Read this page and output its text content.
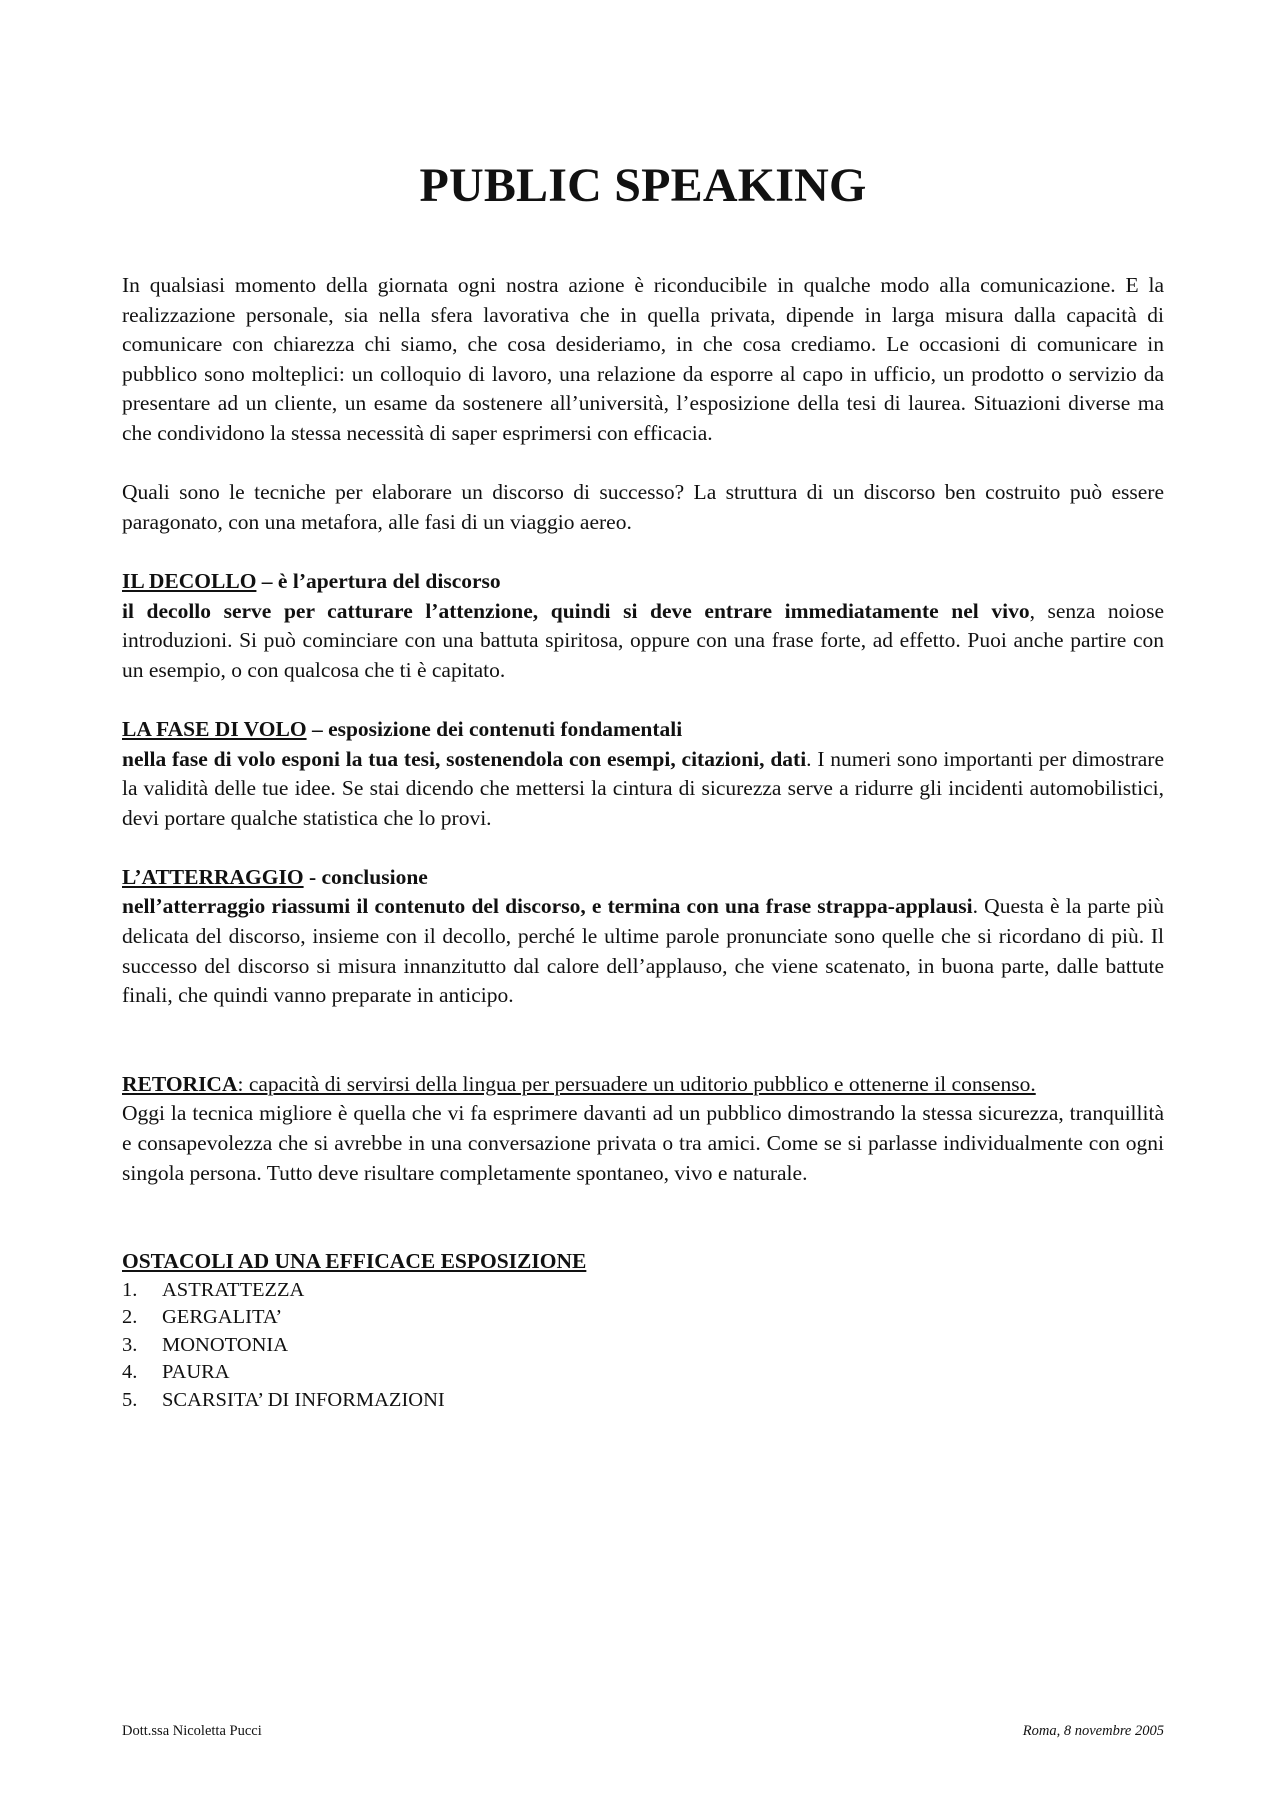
PUBLIC SPEAKING

In qualsiasi momento della giornata ogni nostra azione è riconducibile in qualche modo alla comunicazione. E la realizzazione personale, sia nella sfera lavorativa che in quella privata, dipende in larga misura dalla capacità di comunicare con chiarezza chi siamo, che cosa desideriamo, in che cosa crediamo. Le occasioni di comunicare in pubblico sono molteplici: un colloquio di lavoro, una relazione da esporre al capo in ufficio, un prodotto o servizio da presentare ad un cliente, un esame da sostenere all’università, l’esposizione della tesi di laurea. Situazioni diverse ma che condividono la stessa necessità di saper esprimersi con efficacia.

Quali sono le tecniche per elaborare un discorso di successo? La struttura di un discorso ben costruito può essere paragonato, con una metafora, alle fasi di un viaggio aereo.

IL DECOLLO – è l’apertura del discorso

il decollo serve per catturare l’attenzione, quindi si deve entrare immediatamente nel vivo, senza noiose introduzioni. Si può cominciare con una battuta spiritosa, oppure con una frase forte, ad effetto. Puoi anche partire con un esempio, o con qualcosa che ti è capitato.

LA FASE DI VOLO – esposizione dei contenuti fondamentali

nella fase di volo esponi la tua tesi, sostenendola con esempi, citazioni, dati. I numeri sono importanti per dimostrare la validità delle tue idee. Se stai dicendo che mettersi la cintura di sicurezza serve a ridurre gli incidenti automobilistici, devi portare qualche statistica che lo provi.

L’ATTERRAGGIO - conclusione

nell’atterraggio riassumi il contenuto del discorso, e termina con una frase strappa-applausi. Questa è la parte più delicata del discorso, insieme con il decollo, perché le ultime parole pronunciate sono quelle che si ricordano di più. Il successo del discorso si misura innanzitutto dal calore dell’applauso, che viene scatenato, in buona parte, dalle battute finali, che quindi vanno preparate in anticipo.

RETORICA: capacità di servirsi della lingua per persuadere un uditorio pubblico e ottenerne il consenso.

Oggi la tecnica migliore è quella che vi fa esprimere davanti ad un pubblico dimostrando la stessa sicurezza, tranquillità e consapevolezza che si avrebbe in una conversazione privata o tra amici. Come se si parlasse individualmente con ogni singola persona. Tutto deve risultare completamente spontaneo, vivo e naturale.

OSTACOLI AD UNA EFFICACE ESPOSIZIONE
1.	ASTRATTEZZA
2.	GERGALITA’
3.	MONOTONIA
4.	PAURA
5.	SCARSITA’ DI INFORMAZIONI
Dott.ssa Nicoletta Pucci	Roma, 8 novembre 2005
